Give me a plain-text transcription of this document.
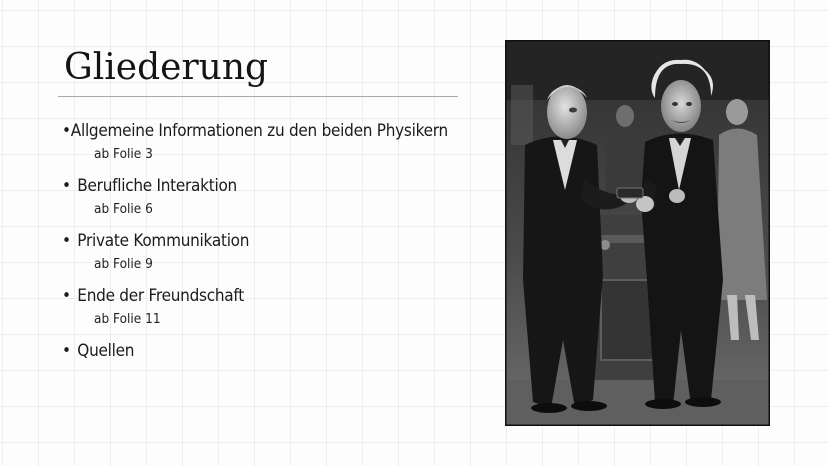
Gliederung
• Allgemeine Informationen zu den beiden Physikern
ab Folie 3
• Berufliche Interaktion
ab Folie 6
• Private Kommunikation
ab Folie 9
• Ende der Freundschaft
ab Folie 11
• Quellen
